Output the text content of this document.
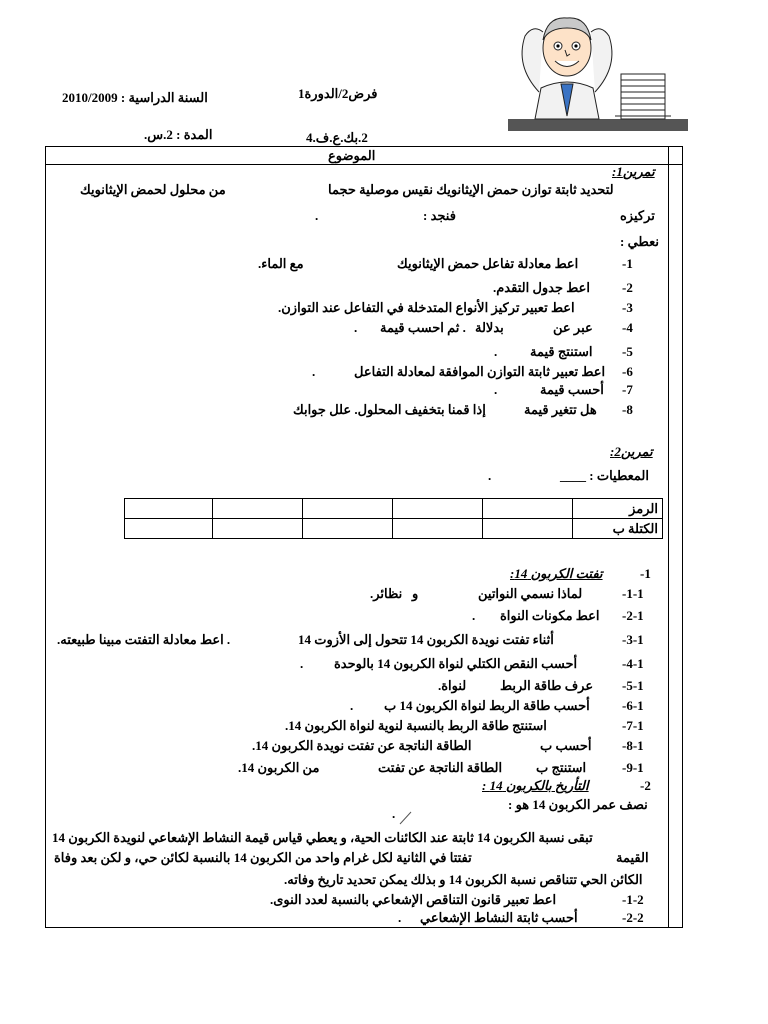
السنة الدراسية : 2010/2009	فرض2/الدورة1
2.بك.ع.ف.4
المدة : 2.س.
الموضوع
تمرين1:
لتحديد ثابتة توازن حمض الإيثانويك نقيس موصلية حجما
من محلول لحمض الإيثانويك
تركيزه
فنجد :
.
نعطي :
-1
اعط معادلة تفاعل حمض الإيثانويك
مع الماء.
-2
اعط جدول التقدم.
-3
اعط تعبير تركيز الأنواع المتدخلة في التفاعل عند التوازن.
-4
عبر عن
بدلالة
. ثم احسب قيمة
.
-5
استنتج قيمة
.
-6
اعط تعبير ثابتة التوازن الموافقة لمعادلة التفاعل
.
-7
أحسب قيمة
.
-8
هل تتغير قيمة
إذا قمنا بتخفيف المحلول. علل جوابك
تمرين2:
المعطيات : ____
.
					الرمز
					الكتلة ب
-1
تفتت الكربون 14:
-1-1
لماذا نسمي النواتين
و
نظائر.
-2-1
اعط مكونات النواة
.
-3-1
أثناء تفتت نويدة الكربون 14 تتحول إلى الأزوت 14
. اعط معادلة التفتت مبينا طبيعته.
-4-1
أحسب النقص الكتلي لنواة الكربون 14 بالوحدة
.
-5-1
عرف طاقة الربط
لنواة.
-6-1
أحسب طاقة الربط لنواة الكربون 14 ب
.
-7-1
استنتج طاقة الربط بالنسبة لنوية لنواة الكربون 14.
-8-1
أحسب ب
الطاقة الناتجة عن تفتت نويدة الكربون 14.
-9-1
استنتج ب
الطاقة الناتجة عن تفتت
من الكربون 14.
-2
التأريخ بالكربون 14 :
نصف عمر الكربون 14 هو :
.
تبقى نسبة الكربون 14 ثابتة عند الكائنات الحية، و يعطي قياس قيمة النشاط الإشعاعي لنويدة الكربون 14
القيمة
تفتتا في الثانية لكل غرام واحد من الكربون 14 بالنسبة لكائن حي، و لكن بعد وفاة
الكائن الحي تتناقص نسبة الكربون 14 و بذلك يمكن تحديد تاريخ وفاته.
-1-2
اعط تعبير قانون التناقص الإشعاعي بالنسبة لعدد النوى.
-2-2
أحسب ثابتة النشاط الإشعاعي
.
